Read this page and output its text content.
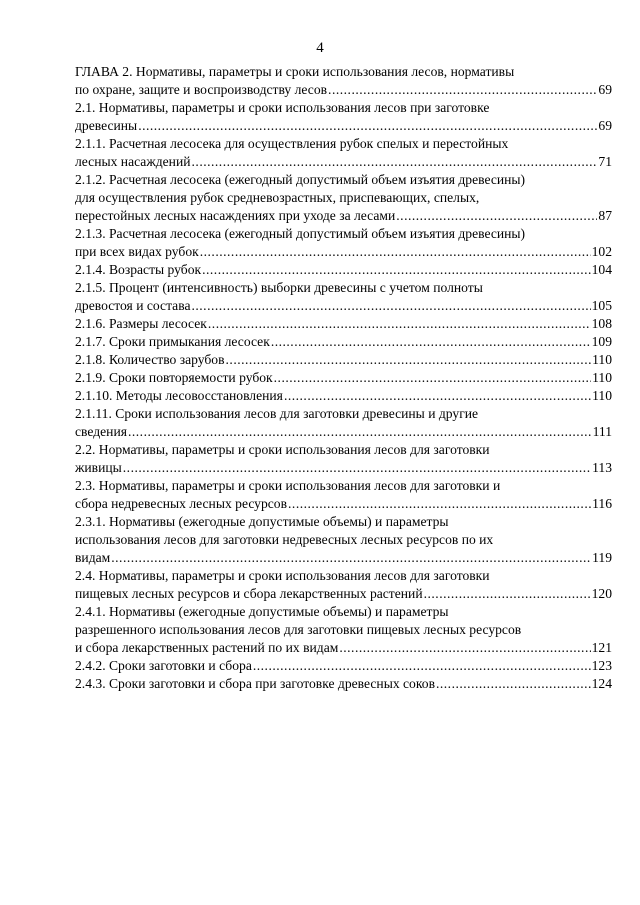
4
ГЛАВА 2. Нормативы, параметры и сроки использования лесов, нормативы
по охране, защите и воспроизводству лесов .....	69
2.1. Нормативы, параметры и сроки использования лесов при заготовке
древесины .....	69
2.1.1. Расчетная лесосека для осуществления рубок спелых и перестойных
лесных насаждений .....	71
2.1.2. Расчетная лесосека (ежегодный допустимый объем изъятия древесины)
для осуществления рубок средневозрастных, приспевающих, спелых,
перестойных лесных насаждениях при уходе за лесами .....	87
2.1.3. Расчетная лесосека (ежегодный допустимый объем изъятия древесины)
при всех видах рубок .....	102
2.1.4. Возрасты рубок .....	104
2.1.5. Процент (интенсивность) выборки древесины с учетом полноты
древостоя и состава .....	105
2.1.6. Размеры лесосек .....	108
2.1.7. Сроки примыкания лесосек .....	109
2.1.8. Количество зарубов .....	110
2.1.9. Сроки повторяемости рубок .....	110
2.1.10. Методы лесовосстановления .....	110
2.1.11. Сроки использования лесов для заготовки древесины и другие
сведения .....	111
2.2. Нормативы, параметры и сроки использования лесов для заготовки
живицы .....	113
2.3. Нормативы, параметры и сроки использования лесов для заготовки и
сбора недревесных лесных ресурсов .....	116
2.3.1. Нормативы (ежегодные допустимые объемы) и параметры
использования лесов для заготовки недревесных лесных ресурсов по их
видам .....	119
2.4. Нормативы, параметры и сроки использования лесов для заготовки
пищевых лесных ресурсов и сбора лекарственных растений .....	120
2.4.1. Нормативы (ежегодные допустимые объемы) и параметры
разрешенного использования лесов для заготовки пищевых лесных ресурсов
и сбора лекарственных растений по их видам .....	121
2.4.2. Сроки заготовки и сбора .....	123
2.4.3. Сроки заготовки и сбора при заготовке древесных соков .....	124
